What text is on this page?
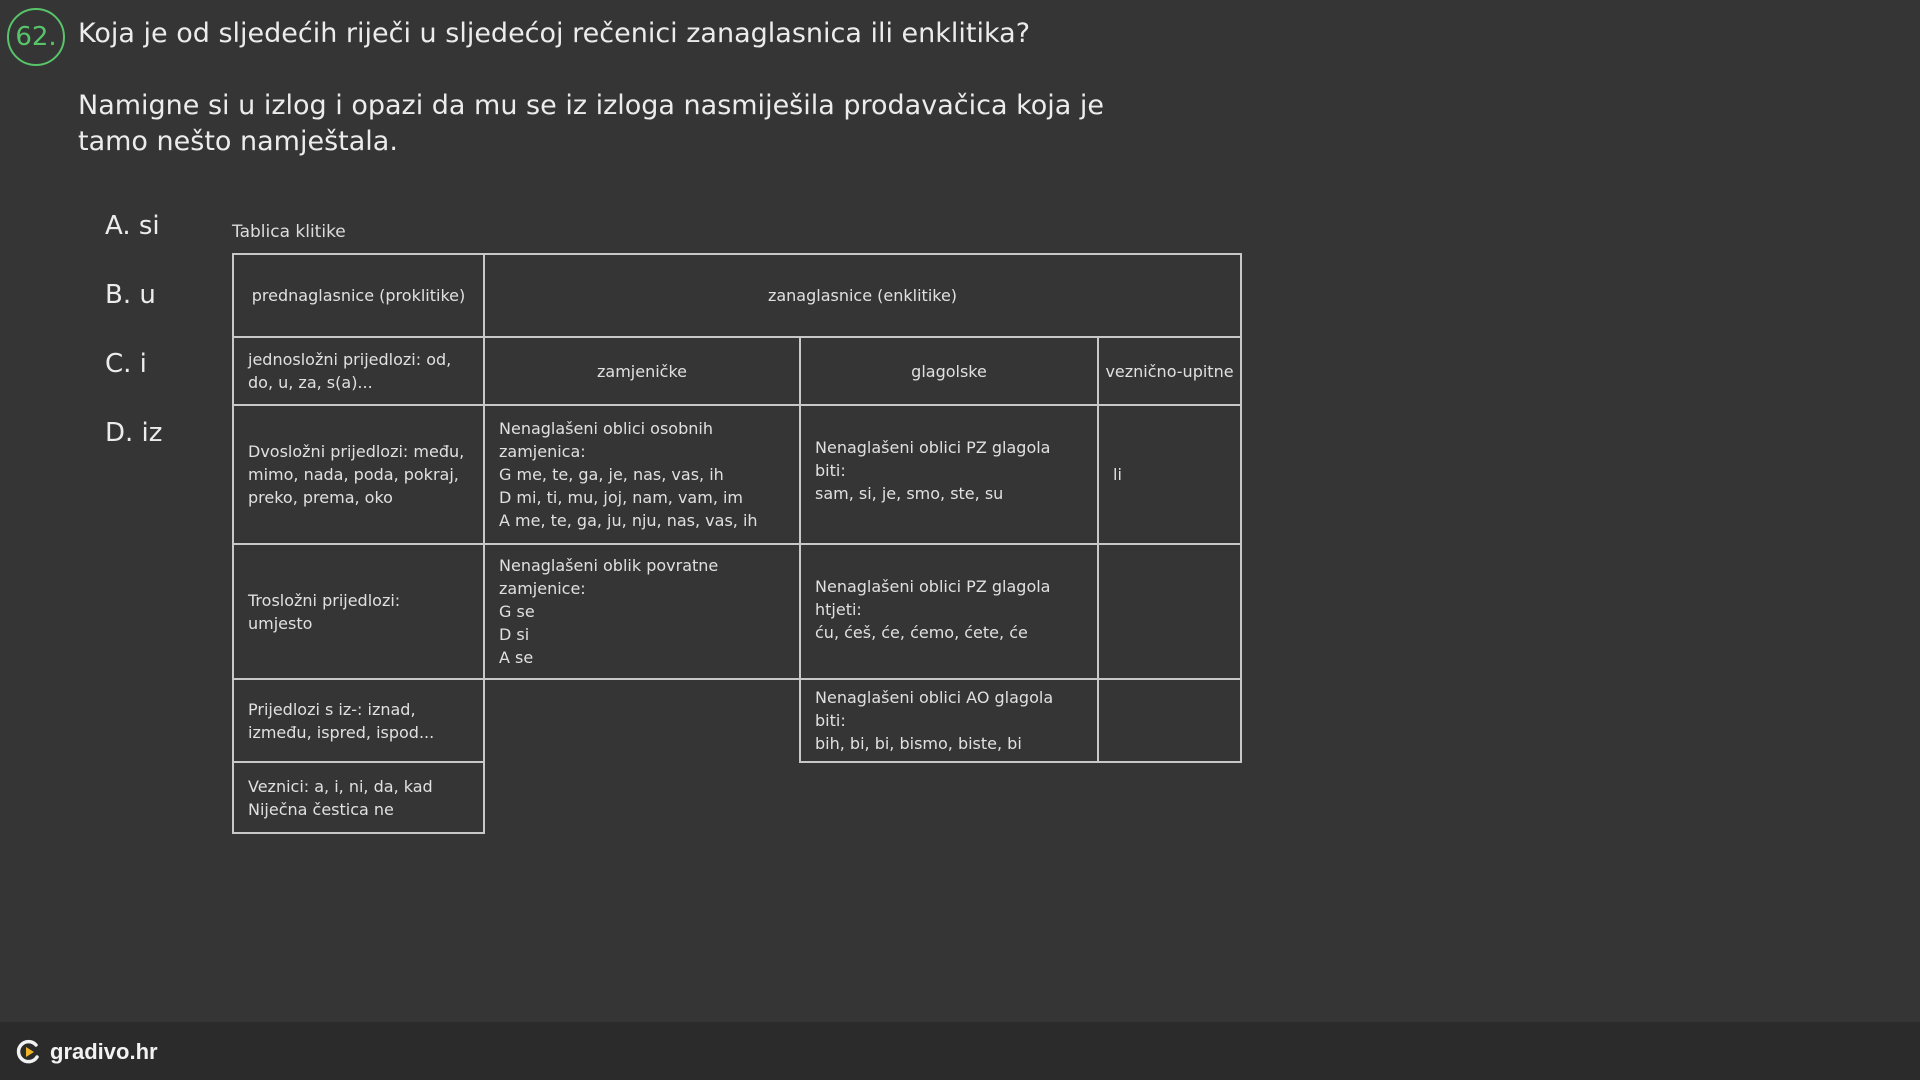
62. Koja je od sljedećih riječi u sljedećoj rečenici zanaglasnica ili enklitika?
Namigne si u izlog i opazi da mu se iz izloga nasmiješila prodavačica koja je tamo nešto namještala.
A. si
B. u
C. i
D. iz
Tablica klitike
prednaglasnice (proklitike)	zanaglasnice (enklitike)		
jednosložni prijedlozi: od, do, u, za, s(a)...	zamjeničke	glagolske	veznično-upitne
Dvosložni prijedlozi: među, mimo, nada, poda, pokraj, preko, prema, oko	Nenaglašeni oblici osobnih zamjenica:
G me, te, ga, je, nas, vas, ih
D mi, ti, mu, joj, nam, vam, im
A me, te, ga, ju, nju, nas, vas, ih	Nenaglašeni oblici PZ glagola biti:
sam, si, je, smo, ste, su	li
Trosložni prijedlozi: umjesto	Nenaglašeni oblik povratne zamjenice:
G se
D si
A se	Nenaglašeni oblici PZ glagola htjeti:
ću, ćeš, će, ćemo, ćete, će	

Prijedlozi s iz-: iznad, između, ispred, ispod...		Nenaglašeni oblici AO glagola biti:
bih, bi, bi, bismo, biste, bi	

Veznici: a, i, ni, da, kad
Niječna čestica ne			

gradivo.hr
